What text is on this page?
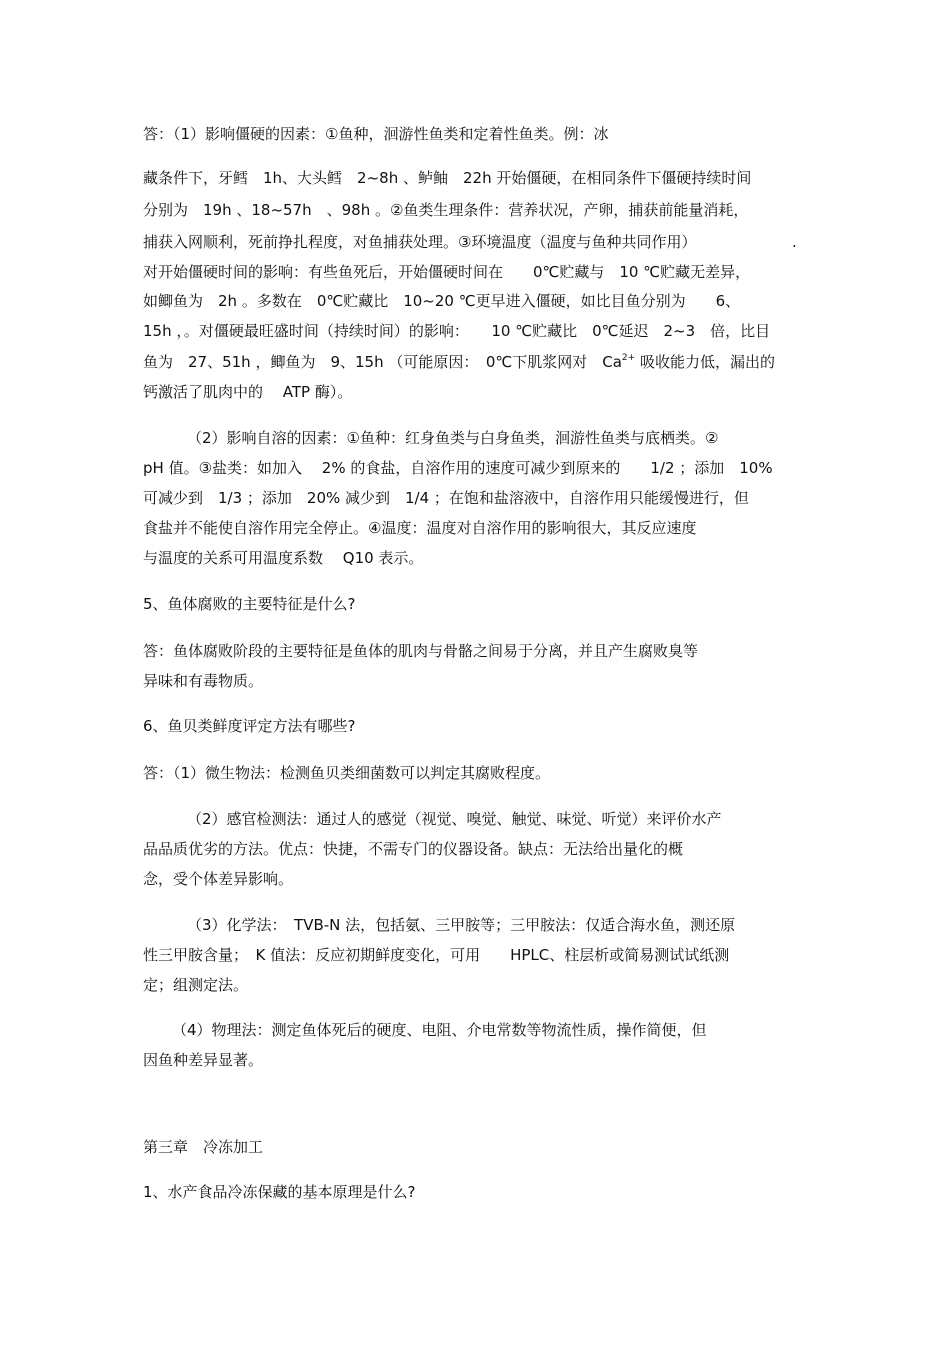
答：（1）影响僵硬的因素：①鱼种，洄游性鱼类和定着性鱼类。例：冰
藏条件下，牙鳕　1h、大头鳕　2~8h 、鲈鲉　22h 开始僵硬，在相同条件下僵硬持续时间
分别为　19h 、18~57h　、98h 。②鱼类生理条件：营养状况，产卵，捕获前能量消耗，
捕获入网顺利，死前挣扎程度，对鱼捕获处理。③环境温度（温度与鱼种共同作用）	.
对开始僵硬时间的影响：有些鱼死后，开始僵硬时间在　　0℃贮藏与　10 ℃贮藏无差异，
如鲫鱼为　2h 。多数在　0℃贮藏比　10~20 ℃更早进入僵硬，如比目鱼分别为　　6、
15h ，。对僵硬最旺盛时间（持续时间）的影响：　　10 ℃贮藏比　0℃延迟　2~3　倍，比目
鱼为　27、51h ，鲫鱼为　9、15h （可能原因：　0℃下肌浆网对　$Ca^{2+}$ 吸收能力低，漏出的
钙激活了肌肉中的　 ATP 酶）。
（2）影响自溶的因素：①鱼种：红身鱼类与白身鱼类，洄游性鱼类与底栖类。②
pH 值。③盐类：如加入　 2% 的食盐，自溶作用的速度可减少到原来的　　1/2 ；添加　10%
可减少到　1/3 ；添加　20% 减少到　1/4 ；在饱和盐溶液中，自溶作用只能缓慢进行，但
食盐并不能使自溶作用完全停止。④温度：温度对自溶作用的影响很大，其反应速度
与温度的关系可用温度系数　 Q10 表示。
5、鱼体腐败的主要特征是什么?
答：鱼体腐败阶段的主要特征是鱼体的肌肉与骨骼之间易于分离，并且产生腐败臭等
异味和有毒物质。
6、鱼贝类鲜度评定方法有哪些?
答：（1）微生物法：检测鱼贝类细菌数可以判定其腐败程度。
（2）感官检测法：通过人的感觉（视觉、嗅觉、触觉、味觉、听觉）来评价水产
品品质优劣的方法。优点：快捷，不需专门的仪器设备。缺点：无法给出量化的概
念，受个体差异影响。
（3）化学法：　TVB-N 法，包括氨、三甲胺等；三甲胺法：仅适合海水鱼，测还原
性三甲胺含量；　K 值法：反应初期鲜度变化，可用　　HPLC、柱层析或简易测试试纸测
定；组测定法。
（4）物理法：测定鱼体死后的硬度、电阻、介电常数等物流性质，操作简便，但
因鱼种差异显著。
第三章　冷冻加工
1、水产食品冷冻保藏的基本原理是什么?
